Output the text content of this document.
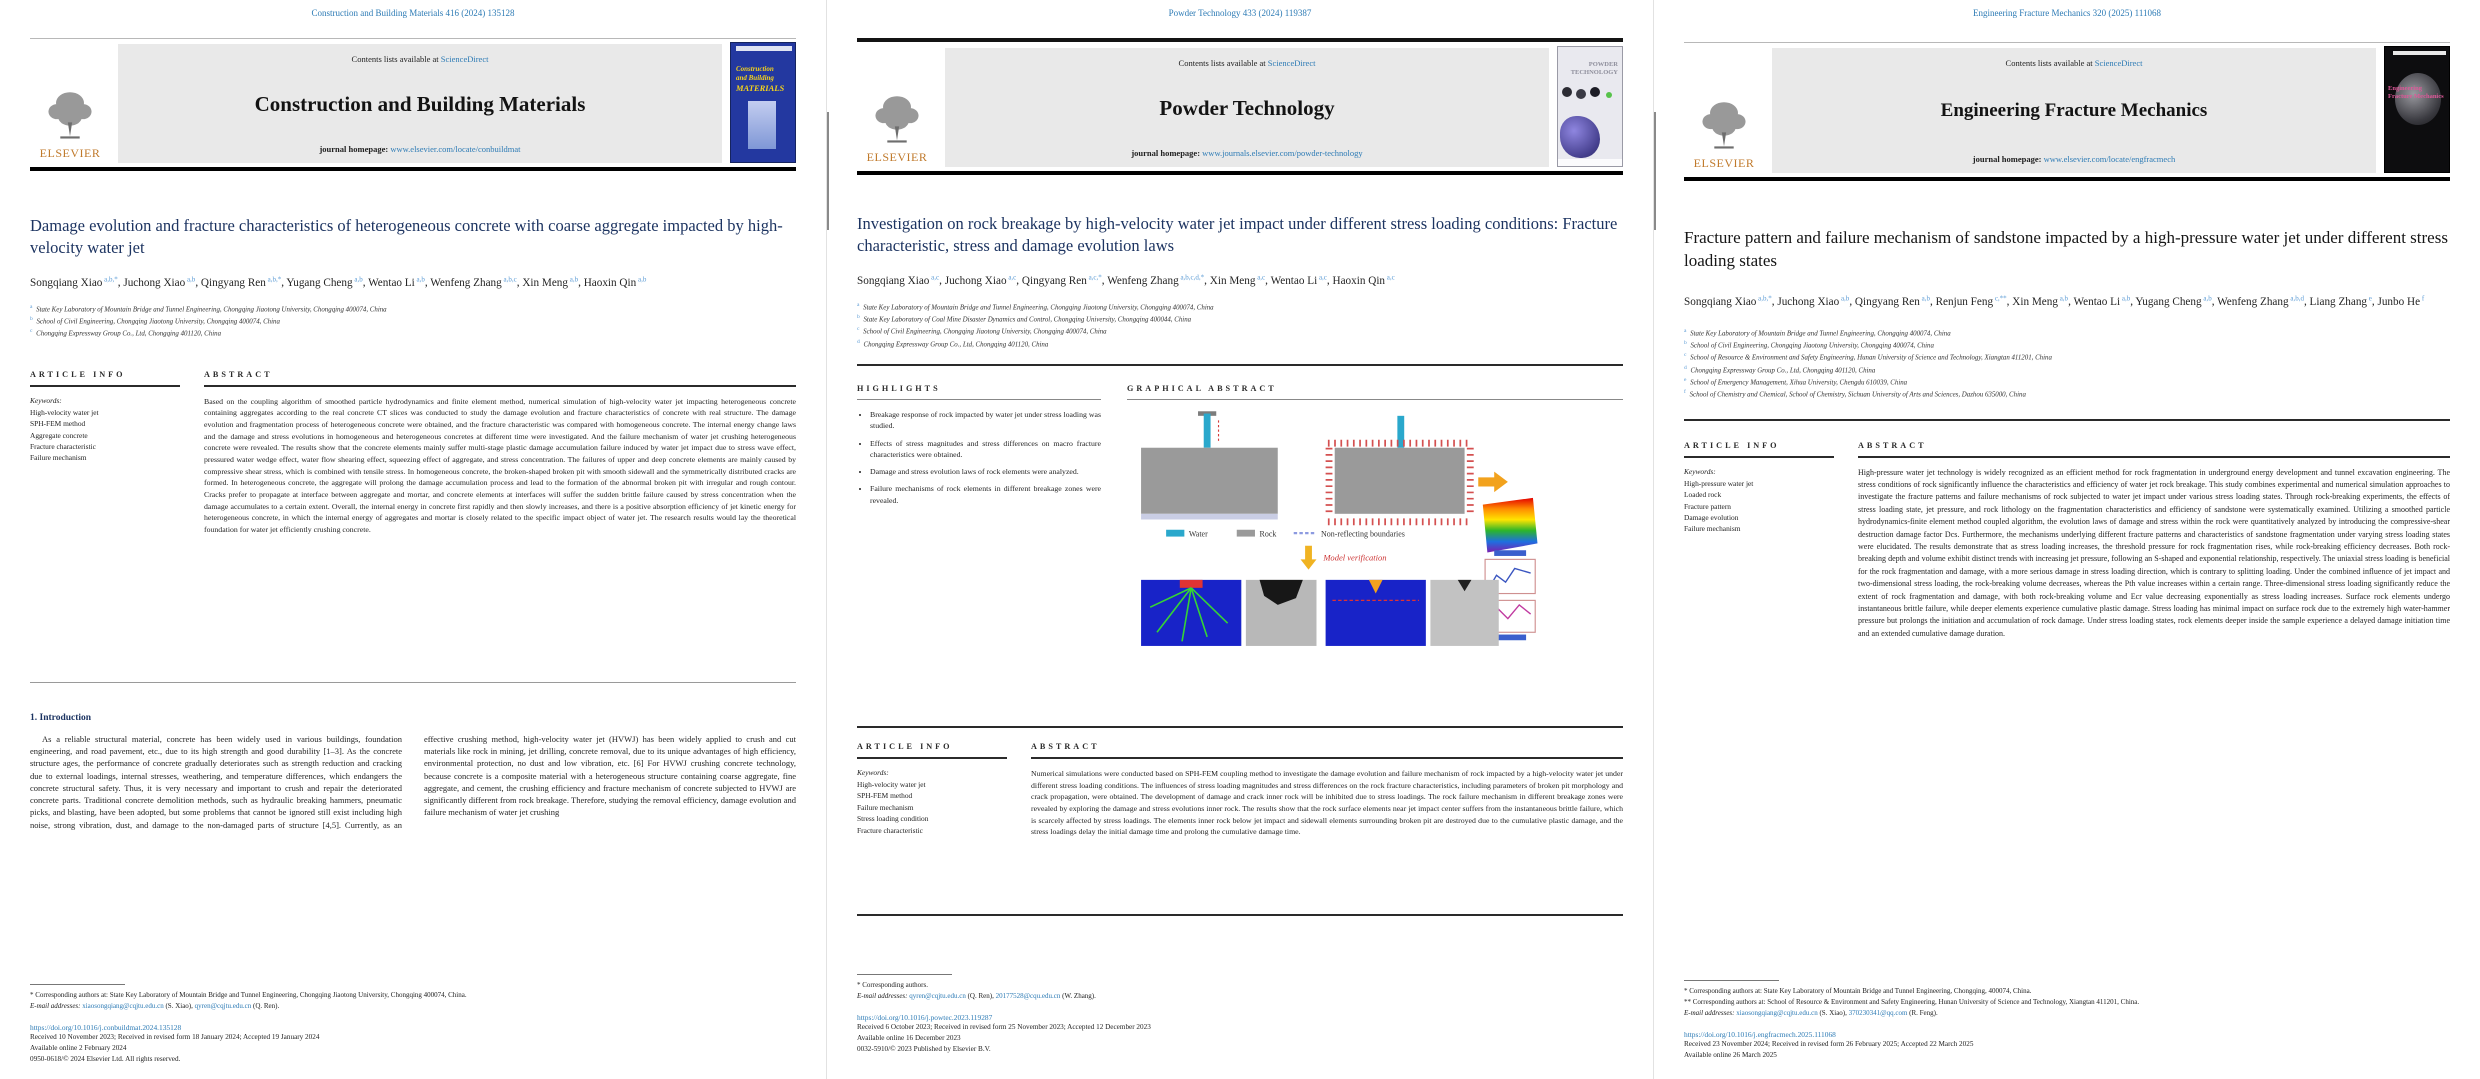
Construction and Building Materials 416 (2024) 135128
ELSEVIER
Contents lists available at ScienceDirect
Construction and Building Materials
journal homepage: www.elsevier.com/locate/conbuildmat
Construction
and Building
MATERIALS
Damage evolution and fracture characteristics of heterogeneous concrete with coarse aggregate impacted by high-velocity water jet
Songqiang Xiao $^{a,b,*}$, Juchong Xiao $^{a,b}$, Qingyang Ren $^{a,b,*}$, Yugang Cheng $^{a,b}$, Wentao Li $^{a,b}$, Wenfeng Zhang $^{a,b,c}$, Xin Meng $^{a,b}$, Haoxin Qin $^{a,b}$
$^a$ State Key Laboratory of Mountain Bridge and Tunnel Engineering, Chongqing Jiaotong University, Chongqing 400074, China
$^b$ School of Civil Engineering, Chongqing Jiaotong University, Chongqing 400074, China
$^c$ Chongqing Expressway Group Co., Ltd, Chongqing 401120, China
ARTICLE INFO
Keywords:
High-velocity water jet
SPH-FEM method
Aggregate concrete
Fracture characteristic
Failure mechanism
ABSTRACT
Based on the coupling algorithm of smoothed particle hydrodynamics and finite element method, numerical simulation of high-velocity water jet impacting heterogeneous concrete containing aggregates according to the real concrete CT slices was conducted to study the damage evolution and fracture characteristics of concrete with real structure. The damage evolution and fragmentation process of heterogeneous concrete were obtained, and the fracture characteristic was compared with homogeneous concrete. The internal energy change laws and the damage and stress evolutions in homogeneous and heterogeneous concretes at different time were investigated. And the failure mechanism of water jet crushing heterogeneous concrete were revealed. The results show that the concrete elements mainly suffer multi-stage plastic damage accumulation failure induced by water jet impact due to stress wave effect, pressured water wedge effect, water flow shearing effect, squeezing effect of aggregate, and stress concentration. The failures of upper and deep concrete elements are mainly caused by compressive shear stress, which is combined with tensile stress. In homogeneous concrete, the broken-shaped broken pit with smooth sidewall and the symmetrically distributed cracks are formed. In heterogeneous concrete, the aggregate will prolong the damage accumulation process and lead to the formation of the abnormal broken pit with irregular and rough contour. Cracks prefer to propagate at interface between aggregate and mortar, and concrete elements at interfaces will suffer the sudden brittle failure caused by stress concentration when the damage accumulates to a certain extent. Overall, the internal energy in concrete first rapidly and then slowly increases, and there is a positive absorption efficiency of jet kinetic energy for heterogeneous concrete, in which the internal energy of aggregates and mortar is closely related to the specific impact object of water jet. The research results would lay the theoretical foundation for water jet efficiently crushing concrete.
1. Introduction

As a reliable structural material, concrete has been widely used in various buildings, foundation engineering, and road pavement, etc., due to its high strength and good durability [1–3]. As the concrete structure ages, the performance of concrete gradually deteriorates such as strength reduction and cracking due to external loadings, internal stresses, weathering, and temperature differences, which endangers the concrete structural safety. Thus, it is very necessary and important to crush and repair the deteriorated concrete parts. Traditional concrete demolition methods, such as hydraulic breaking hammers, pneumatic picks, and blasting, have been adopted, but some problems that cannot be ignored still exist including high noise, strong vibration, dust, and damage to the non-damaged parts of structure [4,5]. Currently, as an effective crushing method, high-velocity water jet (HVWJ) has been widely applied to crush and cut materials like rock in mining, jet drilling, concrete removal, due to its unique advantages of high efficiency, environmental protection, no dust and low vibration, etc. [6] For HVWJ crushing concrete technology, because concrete is a composite material with a heterogeneous structure containing coarse aggregate, fine aggregate, and cement, the crushing efficiency and fracture mechanism of concrete subjected to HVWJ are significantly different from rock breakage. Therefore, studying the removal efficiency, damage evolution and failure mechanism of water jet crushing

* Corresponding authors at: State Key Laboratory of Mountain Bridge and Tunnel Engineering, Chongqing Jiaotong University, Chongqing 400074, China.
E-mail addresses: xiaosongqiang@cqjtu.edu.cn (S. Xiao), qyren@cqjtu.edu.cn (Q. Ren).
https://doi.org/10.1016/j.conbuildmat.2024.135128
Received 10 November 2023; Received in revised form 18 January 2024; Accepted 19 January 2024
Available online 2 February 2024
0950-0618/© 2024 Elsevier Ltd. All rights reserved.
Powder Technology 433 (2024) 119387
ELSEVIER
Contents lists available at ScienceDirect
Powder Technology
journal homepage: www.journals.elsevier.com/powder-technology
POWDER
TECHNOLOGY
Investigation on rock breakage by high-velocity water jet impact under different stress loading conditions: Fracture characteristic, stress and damage evolution laws
Songqiang Xiao $^{a,c}$, Juchong Xiao $^{a,c}$, Qingyang Ren $^{a,c,*}$, Wenfeng Zhang $^{a,b,c,d,*}$, Xin Meng $^{a,c}$, Wentao Li $^{a,c}$, Haoxin Qin $^{a,c}$
$^a$ State Key Laboratory of Mountain Bridge and Tunnel Engineering, Chongqing Jiaotong University, Chongqing 400074, China
$^b$ State Key Laboratory of Coal Mine Disaster Dynamics and Control, Chongqing University, Chongqing 400044, China
$^c$ School of Civil Engineering, Chongqing Jiaotong University, Chongqing 400074, China
$^d$ Chongqing Expressway Group Co., Ltd, Chongqing 401120, China
HIGHLIGHTS
• Breakage response of rock impacted by water jet under stress loading was studied.
• Effects of stress magnitudes and stress differences on macro fracture characteristics were obtained.
• Damage and stress evolution laws of rock elements were analyzed.
• Failure mechanisms of rock elements in different breakage zones were revealed.
GRAPHICAL ABSTRACT
Water	Rock	Non-reflecting boundaries
Model verification
ARTICLE INFO
Keywords:
High-velocity water jet
SPH-FEM method
Failure mechanism
Stress loading condition
Fracture characteristic
ABSTRACT
Numerical simulations were conducted based on SPH-FEM coupling method to investigate the damage evolution and failure mechanism of rock impacted by a high-velocity water jet under different stress loading conditions. The influences of stress loading magnitudes and stress differences on the rock fracture characteristics, including parameters of broken pit morphology and crack propagation, were obtained. The development of damage and crack inner rock will be inhibited due to stress loadings. The rock failure mechanism in different breakage zones were revealed by exploring the damage and stress evolutions inner rock. The results show that the rock surface elements near jet impact center suffers from the instantaneous brittle failure, which is scarcely affected by stress loadings. The elements inner rock below jet impact and sidewall elements surrounding broken pit are destroyed due to the cumulative plastic damage, and the stress loadings delay the initial damage time and prolong the cumulative damage time.
* Corresponding authors.
E-mail addresses: qyren@cqjtu.edu.cn (Q. Ren), 20177528@cqu.edu.cn (W. Zhang).
https://doi.org/10.1016/j.powtec.2023.119287
Received 6 October 2023; Received in revised form 25 November 2023; Accepted 12 December 2023
Available online 16 December 2023
0032-5910/© 2023 Published by Elsevier B.V.
Engineering Fracture Mechanics 320 (2025) 111068
ELSEVIER
Contents lists available at ScienceDirect
Engineering Fracture Mechanics
journal homepage: www.elsevier.com/locate/engfracmech
Engineering
Fracture Mechanics
Fracture pattern and failure mechanism of sandstone impacted by a high-pressure water jet under different stress loading states
Songqiang Xiao $^{a,b,*}$, Juchong Xiao $^{a,b}$, Qingyang Ren $^{a,b}$, Renjun Feng $^{c,**}$, Xin Meng $^{a,b}$, Wentao Li $^{a,b}$, Yugang Cheng $^{a,b}$, Wenfeng Zhang $^{a,b,d}$, Liang Zhang $^e$, Junbo He $^f$
$^a$ State Key Laboratory of Mountain Bridge and Tunnel Engineering, Chongqing 400074, China
$^b$ School of Civil Engineering, Chongqing Jiaotong University, Chongqing 400074, China
$^c$ School of Resource & Environment and Safety Engineering, Hunan University of Science and Technology, Xiangtan 411201, China
$^d$ Chongqing Expressway Group Co., Ltd, Chongqing 401120, China
$^e$ School of Emergency Management, Xihua University, Chengdu 610039, China
$^f$ School of Chemistry and Chemical, School of Chemistry, Sichuan University of Arts and Sciences, Dazhou 635000, China
ARTICLE INFO
Keywords:
High-pressure water jet
Loaded rock
Fracture pattern
Damage evolution
Failure mechanism
ABSTRACT
High-pressure water jet technology is widely recognized as an efficient method for rock fragmentation in underground energy development and tunnel excavation engineering. The stress conditions of rock significantly influence the characteristics and efficiency of water jet rock breakage. This study combines experimental and numerical simulation approaches to investigate the fracture patterns and failure mechanisms of rock subjected to water jet impact under various stress loading states. Through rock-breaking experiments, the effects of stress loading state, jet pressure, and rock lithology on the fragmentation characteristics and efficiency of sandstone were systematically examined. Utilizing a smoothed particle hydrodynamics-finite element method coupled algorithm, the evolution laws of damage and stress within the rock were quantitatively analyzed by introducing the compressive-shear destruction damage factor Dcs. Furthermore, the mechanisms underlying different fracture patterns and characteristics of sandstone fragmentation under varying stress loading states were elucidated. The results demonstrate that as stress loading increases, the threshold pressure for rock fragmentation rises, while rock-breaking efficiency decreases. Both rock-breaking depth and volume exhibit distinct trends with increasing jet pressure, following an S-shaped and exponential relationship, respectively. The uniaxial stress loading is beneficial for the rock fragmentation and damage, with a more serious damage in stress loading direction, which is contrary to splitting loading. Under the combined influence of jet impact and two-dimensional stress loading, the rock-breaking volume decreases, whereas the Pth value increases within a certain range. Three-dimensional stress loading significantly reduce the extent of rock fragmentation and damage, with both rock-breaking volume and Ecr value decreasing exponentially as stress loading increases. Surface rock elements undergo instantaneous brittle failure, while deeper elements experience cumulative plastic damage. Stress loading has minimal impact on surface rock due to the extremely high water-hammer pressure but prolongs the initiation and accumulation of rock damage. Under stress loading states, rock elements deeper inside the sample experience a delayed damage initiation time and an extended cumulative damage duration.
* Corresponding authors at: State Key Laboratory of Mountain Bridge and Tunnel Engineering, Chongqing, 400074, China.
** Corresponding authors at: School of Resource & Environment and Safety Engineering, Hunan University of Science and Technology, Xiangtan 411201, China.
E-mail addresses: xiaosongqiang@cqjtu.edu.cn (S. Xiao), 370230341@qq.com (R. Feng).
https://doi.org/10.1016/j.engfracmech.2025.111068
Received 23 November 2024; Received in revised form 26 February 2025; Accepted 22 March 2025
Available online 26 March 2025
